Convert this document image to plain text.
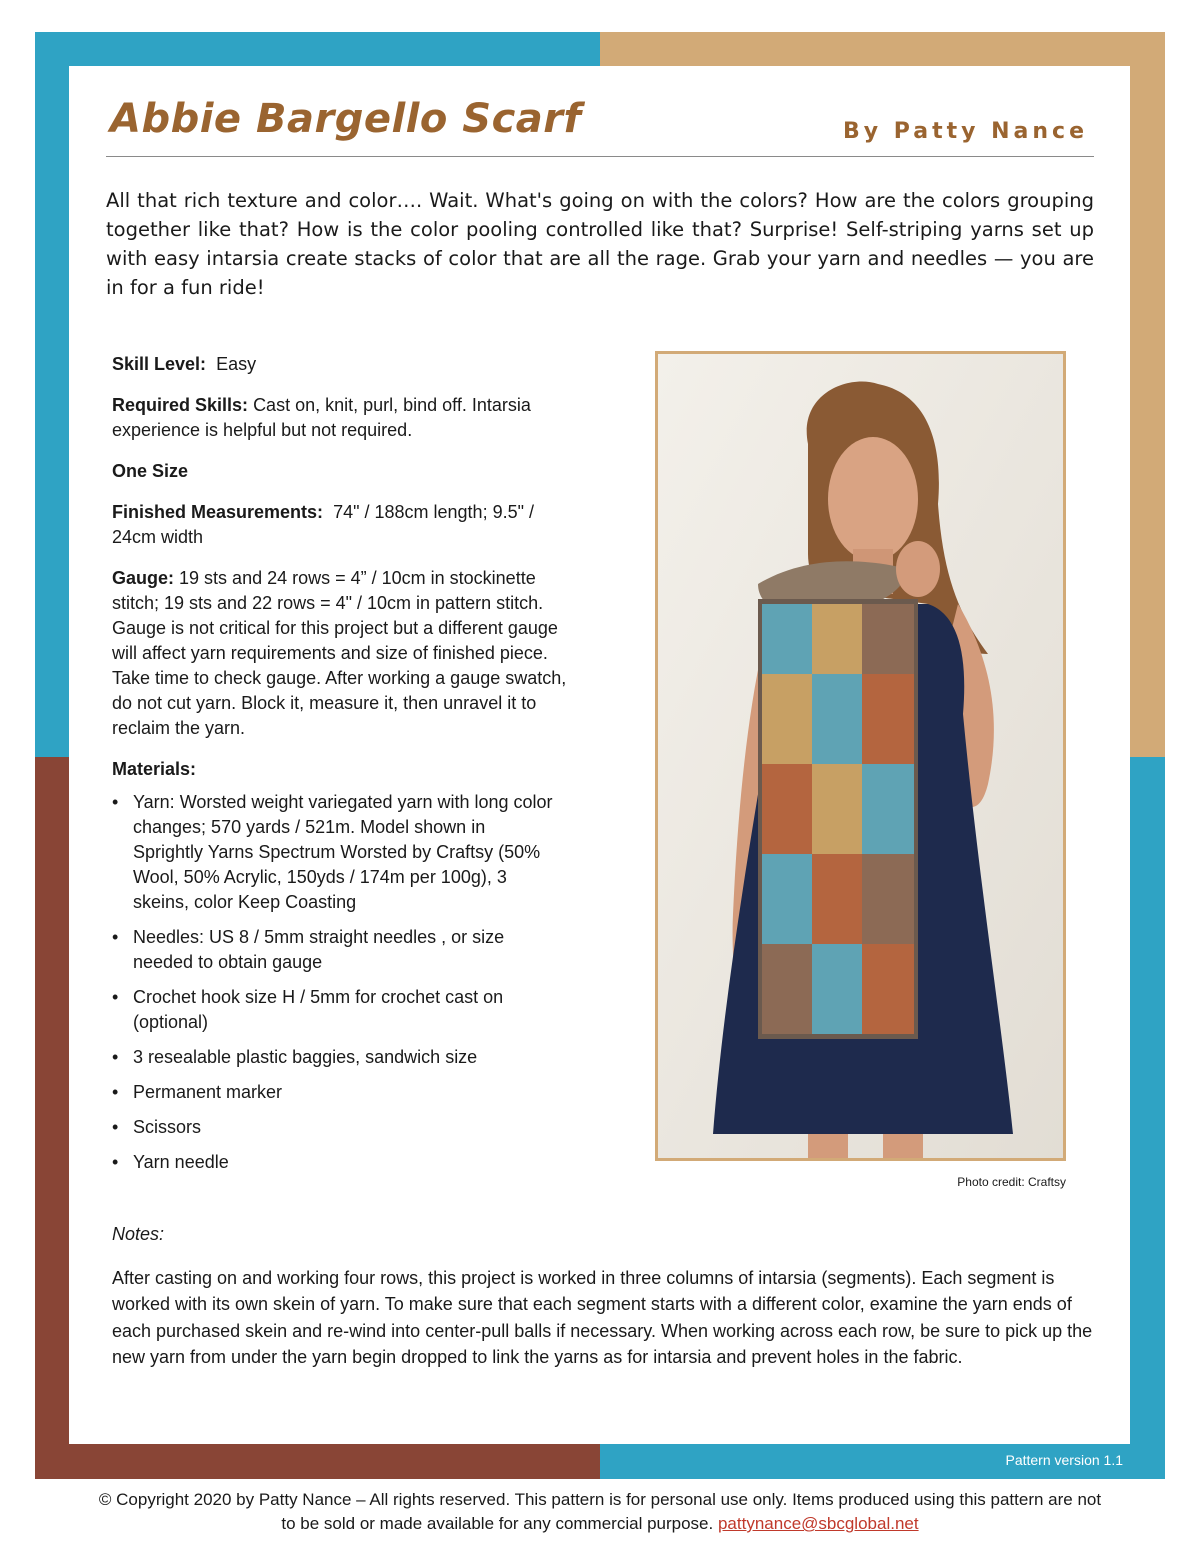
Abbie Bargello Scarf	By Patty Nance

All that rich texture and color…. Wait. What's going on with the colors? How are the colors grouping together like that? How is the color pooling controlled like that? Surprise! Self-striping yarns set up with easy intarsia create stacks of color that are all the rage. Grab your yarn and needles — you are in for a fun ride!

Skill Level: Easy

Required Skills: Cast on, knit, purl, bind off. Intarsia experience is helpful but not required.

One Size

Finished Measurements: 74" / 188cm length; 9.5" / 24cm width

Gauge: 19 sts and 24 rows = 4” / 10cm in stockinette stitch; 19 sts and 22 rows = 4" / 10cm in pattern stitch. Gauge is not critical for this project but a different gauge will affect yarn requirements and size of finished piece. Take time to check gauge. After working a gauge swatch, do not cut yarn. Block it, measure it, then unravel it to reclaim the yarn.

Materials:

• Yarn: Worsted weight variegated yarn with long color changes; 570 yards / 521m. Model shown in Sprightly Yarns Spectrum Worsted by Craftsy (50% Wool, 50% Acrylic, 150yds / 174m per 100g), 3 skeins, color Keep Coasting
• Needles: US 8 / 5mm straight needles , or size needed to obtain gauge
• Crochet hook size H / 5mm for crochet cast on (optional)
• 3 resealable plastic baggies, sandwich size
• Permanent marker
• Scissors
• Yarn needle
Photo credit: Craftsy
Notes:

After casting on and working four rows, this project is worked in three columns of intarsia (segments). Each segment is worked with its own skein of yarn. To make sure that each segment starts with a different color, examine the yarn ends of each purchased skein and re-wind into center-pull balls if necessary. When working across each row, be sure to pick up the new yarn from under the yarn begin dropped to link the yarns as for intarsia and prevent holes in the fabric.

Pattern version 1.1
© Copyright 2020 by Patty Nance – All rights reserved. This pattern is for personal use only. Items produced using this pattern are not
to be sold or made available for any commercial purpose. pattynance@sbcglobal.net
